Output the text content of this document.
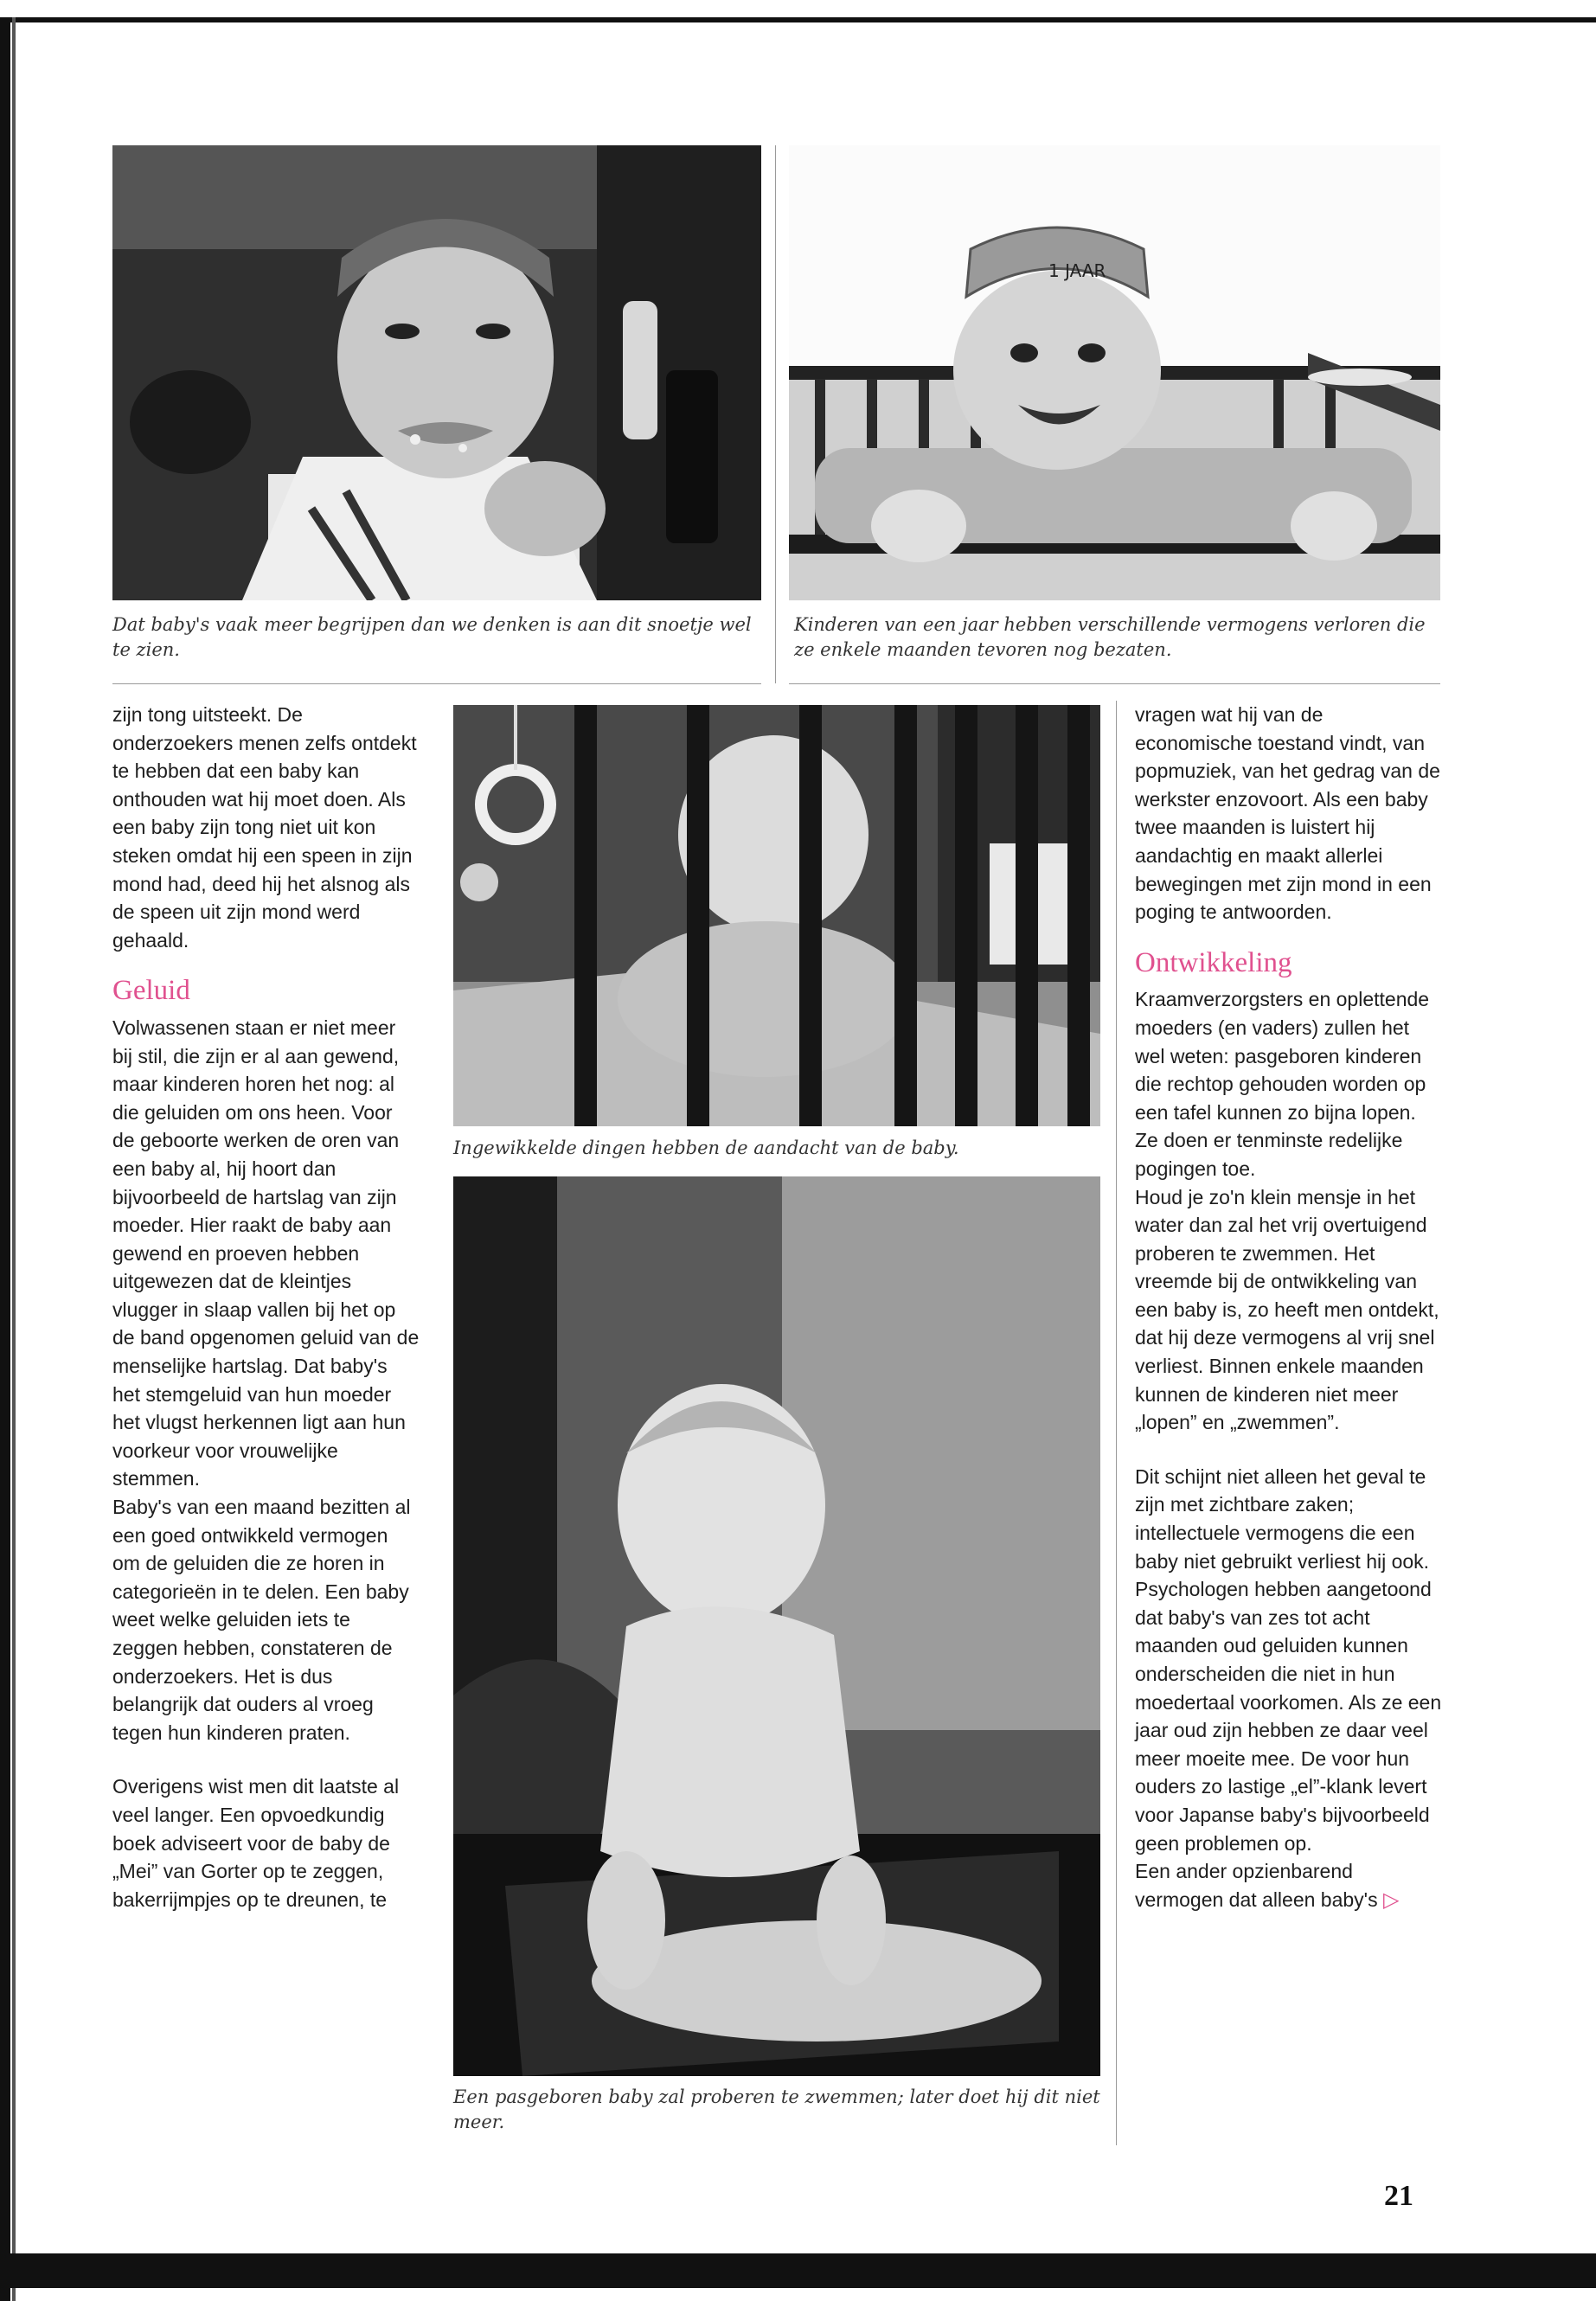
Dat baby's vaak meer begrijpen dan we denken is aan dit snoetje wel te zien.
1 JAAR
Kinderen van een jaar hebben verschillende vermogens verloren die ze enkele maanden tevoren nog bezaten.

zijn tong uitsteekt. De onderzoekers menen zelfs ontdekt te hebben dat een baby kan onthouden wat hij moet doen. Als een baby zijn tong niet uit kon steken omdat hij een speen in zijn mond had, deed hij het alsnog als de speen uit zijn mond werd gehaald.

Geluid

Volwassenen staan er niet meer bij stil, die zijn er al aan gewend, maar kinderen horen het nog: al die geluiden om ons heen. Voor de geboorte werken de oren van een baby al, hij hoort dan bijvoorbeeld de hartslag van zijn moeder. Hier raakt de baby aan gewend en proeven hebben uitgewezen dat de kleintjes vlugger in slaap vallen bij het op de band opgenomen geluid van de menselijke hartslag. Dat baby's het stemgeluid van hun moeder het vlugst herkennen ligt aan hun voorkeur voor vrouwelijke stemmen.

Baby's van een maand bezitten al een goed ontwikkeld vermogen om de geluiden die ze horen in categorieën in te delen. Een baby weet welke geluiden iets te zeggen hebben, constateren de onderzoekers. Het is dus belangrijk dat ouders al vroeg tegen hun kinderen praten.

Overigens wist men dit laatste al veel langer. Een opvoedkundig boek adviseert voor de baby de „Mei” van Gorter op te zeggen, bakerrijmpjes op te dreunen, te

Ingewikkelde dingen hebben de aandacht van de baby.
Een pasgeboren baby zal proberen te zwemmen; later doet hij dit niet meer.

vragen wat hij van de economische toestand vindt, van popmuziek, van het gedrag van de werkster enzovoort. Als een baby twee maanden is luistert hij aandachtig en maakt allerlei bewegingen met zijn mond in een poging te antwoorden.

Ontwikkeling

Kraamverzorgsters en oplettende moeders (en vaders) zullen het wel weten: pasgeboren kinderen die rechtop gehouden worden op een tafel kunnen zo bijna lopen. Ze doen er tenminste redelijke pogingen toe.

Houd je zo'n klein mensje in het water dan zal het vrij overtuigend proberen te zwemmen. Het vreemde bij de ontwikkeling van een baby is, zo heeft men ontdekt, dat hij deze vermogens al vrij snel verliest. Binnen enkele maanden kunnen de kinderen niet meer „lopen” en „zwemmen”.

Dit schijnt niet alleen het geval te zijn met zichtbare zaken; intellectuele vermogens die een baby niet gebruikt verliest hij ook. Psychologen hebben aangetoond dat baby's van zes tot acht maanden oud geluiden kunnen onderscheiden die niet in hun moedertaal voorkomen. Als ze een jaar oud zijn hebben ze daar veel meer moeite mee. De voor hun ouders zo lastige „el”-klank levert voor Japanse baby's bijvoorbeeld geen problemen op.

Een ander opzienbarend vermogen dat alleen baby's ▷

21
